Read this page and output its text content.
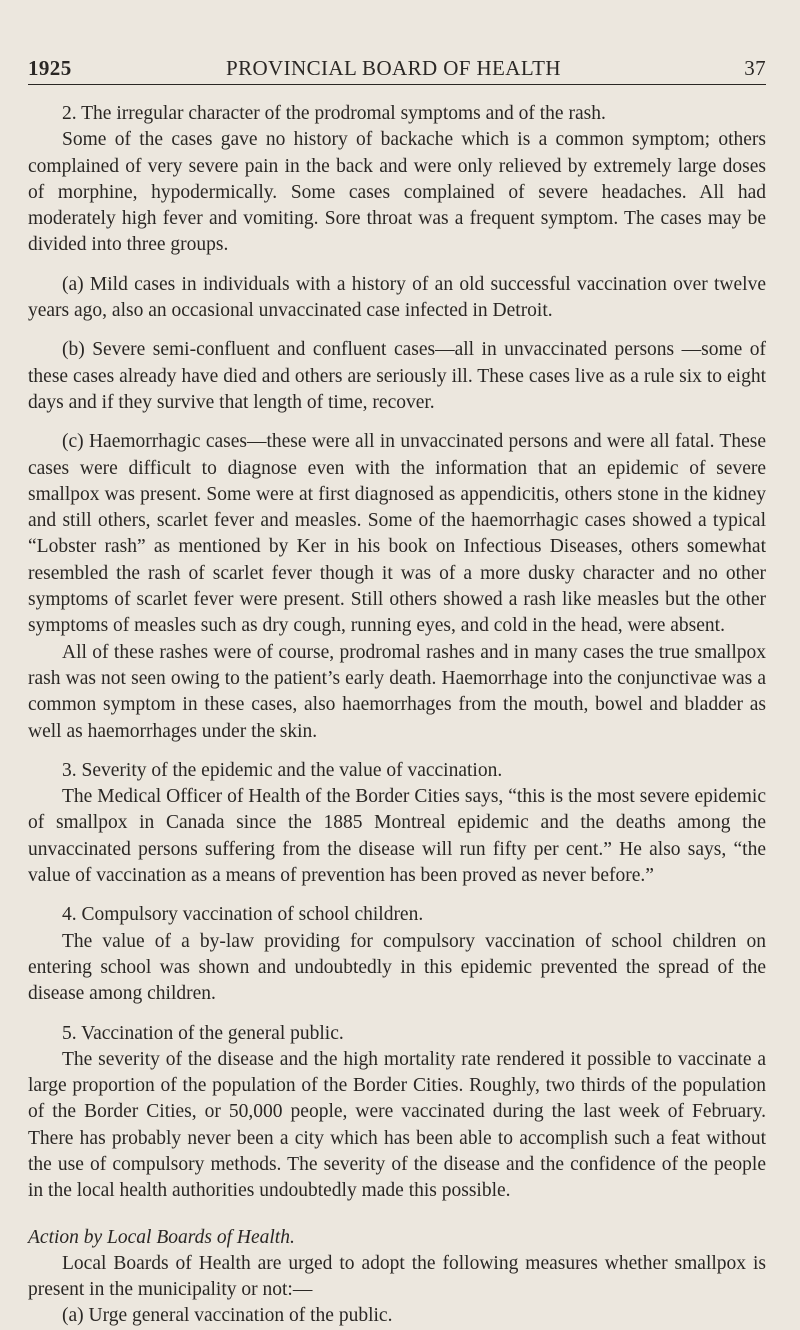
1925	PROVINCIAL BOARD OF HEALTH	37

2. The irregular character of the prodromal symptoms and of the rash.

Some of the cases gave no history of backache which is a common symptom; others complained of very severe pain in the back and were only relieved by extremely large doses of morphine, hypodermically. Some cases complained of severe headaches. All had moderately high fever and vomiting. Sore throat was a frequent symptom. The cases may be divided into three groups.

(a) Mild cases in individuals with a history of an old successful vaccination over twelve years ago, also an occasional unvaccinated case infected in Detroit.

(b) Severe semi-confluent and confluent cases—all in unvaccinated persons —some of these cases already have died and others are seriously ill. These cases live as a rule six to eight days and if they survive that length of time, recover.

(c) Haemorrhagic cases—these were all in unvaccinated persons and were all fatal. These cases were difficult to diagnose even with the information that an epidemic of severe smallpox was present. Some were at first diagnosed as appendicitis, others stone in the kidney and still others, scarlet fever and measles. Some of the haemorrhagic cases showed a typical “Lobster rash” as mentioned by Ker in his book on Infectious Diseases, others somewhat resembled the rash of scarlet fever though it was of a more dusky character and no other symptoms of scarlet fever were present. Still others showed a rash like measles but the other symptoms of measles such as dry cough, running eyes, and cold in the head, were absent.

All of these rashes were of course, prodromal rashes and in many cases the true smallpox rash was not seen owing to the patient’s early death. Haemorrhage into the conjunctivae was a common symptom in these cases, also haemorrhages from the mouth, bowel and bladder as well as haemorrhages under the skin.

3. Severity of the epidemic and the value of vaccination.

The Medical Officer of Health of the Border Cities says, “this is the most severe epidemic of smallpox in Canada since the 1885 Montreal epidemic and the deaths among the unvaccinated persons suffering from the disease will run fifty per cent.” He also says, “the value of vaccination as a means of prevention has been proved as never before.”

4. Compulsory vaccination of school children.

The value of a by-law providing for compulsory vaccination of school children on entering school was shown and undoubtedly in this epidemic prevented the spread of the disease among children.

5. Vaccination of the general public.

The severity of the disease and the high mortality rate rendered it possible to vaccinate a large proportion of the population of the Border Cities. Roughly, two thirds of the population of the Border Cities, or 50,000 people, were vaccinated during the last week of February. There has probably never been a city which has been able to accomplish such a feat without the use of compulsory methods. The severity of the disease and the confidence of the people in the local health authorities undoubtedly made this possible.

Action by Local Boards of Health.

Local Boards of Health are urged to adopt the following measures whether smallpox is present in the municipality or not:—

(a) Urge general vaccination of the public.
